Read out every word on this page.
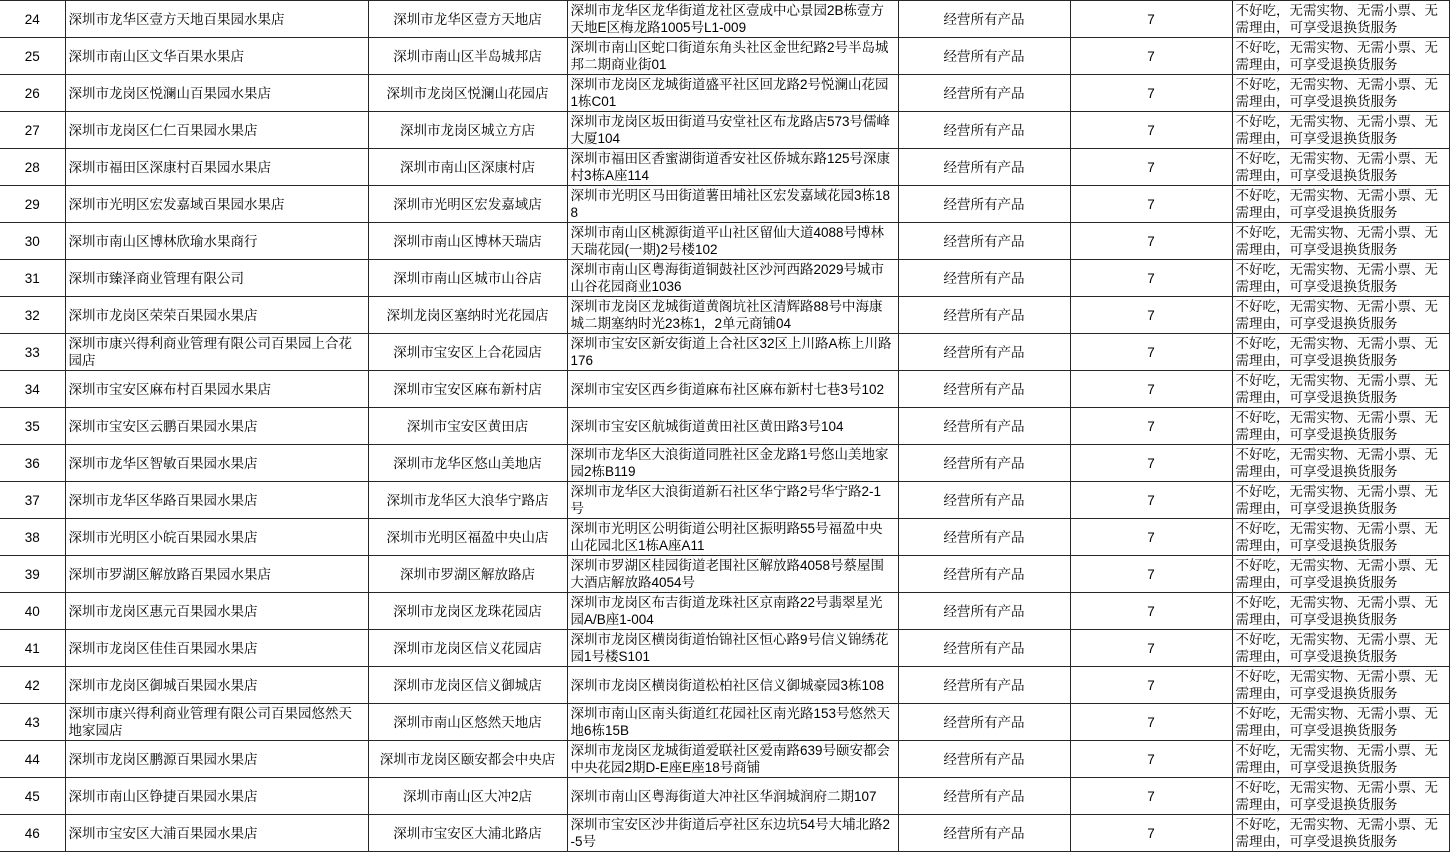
24	深圳市龙华区壹方天地百果园水果店	深圳市龙华区壹方天地店	深圳市龙华区龙华街道龙社区壹成中心景园2B栋壹方天地E区梅龙路1005号L1-009	经营所有产品	7	不好吃，无需实物、无需小票、无需理由，可享受退换货服务
25	深圳市南山区文华百果水果店	深圳市南山区半岛城邦店	深圳市南山区蛇口街道东角头社区金世纪路2号半岛城邦二期商业街01	经营所有产品	7	不好吃，无需实物、无需小票、无需理由，可享受退换货服务
26	深圳市龙岗区悦澜山百果园水果店	深圳市龙岗区悦澜山花园店	深圳市龙岗区龙城街道盛平社区回龙路2号悦澜山花园1栋C01	经营所有产品	7	不好吃，无需实物、无需小票、无需理由，可享受退换货服务
27	深圳市龙岗区仁仁百果园水果店	深圳市龙岗区城立方店	深圳市龙岗区坂田街道马安堂社区布龙路店573号儒峰大厦104	经营所有产品	7	不好吃，无需实物、无需小票、无需理由，可享受退换货服务
28	深圳市福田区深康村百果园水果店	深圳市南山区深康村店	深圳市福田区香蜜湖街道香安社区侨城东路125号深康村3栋A座114	经营所有产品	7	不好吃，无需实物、无需小票、无需理由，可享受退换货服务
29	深圳市光明区宏发嘉域百果园水果店	深圳市光明区宏发嘉域店	深圳市光明区马田街道薯田埔社区宏发嘉域花园3栋188	经营所有产品	7	不好吃，无需实物、无需小票、无需理由，可享受退换货服务
30	深圳市南山区博林欣瑜水果商行	深圳市南山区博林天瑞店	深圳市南山区桃源街道平山社区留仙大道4088号博林天瑞花园(一期)2号楼102	经营所有产品	7	不好吃，无需实物、无需小票、无需理由，可享受退换货服务
31	深圳市臻泽商业管理有限公司	深圳市南山区城市山谷店	深圳市南山区粤海街道铜鼓社区沙河西路2029号城市山谷花园商业1036	经营所有产品	7	不好吃，无需实物、无需小票、无需理由，可享受退换货服务
32	深圳市龙岗区荣荣百果园水果店	深圳龙岗区塞纳时光花园店	深圳市龙岗区龙城街道黄阁坑社区清辉路88号中海康城二期塞纳时光23栋1，2单元商铺04	经营所有产品	7	不好吃，无需实物、无需小票、无需理由，可享受退换货服务
33	深圳市康兴得利商业管理有限公司百果园上合花园店	深圳市宝安区上合花园店	深圳市宝安区新安街道上合社区32区上川路A栋上川路176	经营所有产品	7	不好吃，无需实物、无需小票、无需理由，可享受退换货服务
34	深圳市宝安区麻布村百果园水果店	深圳市宝安区麻布新村店	深圳市宝安区西乡街道麻布社区麻布新村七巷3号102	经营所有产品	7	不好吃，无需实物、无需小票、无需理由，可享受退换货服务
35	深圳市宝安区云鹏百果园水果店	深圳市宝安区黄田店	深圳市宝安区航城街道黄田社区黄田路3号104	经营所有产品	7	不好吃，无需实物、无需小票、无需理由，可享受退换货服务
36	深圳市龙华区智敏百果园水果店	深圳市龙华区悠山美地店	深圳市龙华区大浪街道同胜社区金龙路1号悠山美地家园2栋B119	经营所有产品	7	不好吃，无需实物、无需小票、无需理由，可享受退换货服务
37	深圳市龙华区华路百果园水果店	深圳市龙华区大浪华宁路店	深圳市龙华区大浪街道新石社区华宁路2号华宁路2-1号	经营所有产品	7	不好吃，无需实物、无需小票、无需理由，可享受退换货服务
38	深圳市光明区小皖百果园水果店	深圳市光明区福盈中央山店	深圳市光明区公明街道公明社区振明路55号福盈中央山花园北区1栋A座A11	经营所有产品	7	不好吃，无需实物、无需小票、无需理由，可享受退换货服务
39	深圳市罗湖区解放路百果园水果店	深圳市罗湖区解放路店	深圳市罗湖区桂园街道老围社区解放路4058号蔡屋围大酒店解放路4054号	经营所有产品	7	不好吃，无需实物、无需小票、无需理由，可享受退换货服务
40	深圳市龙岗区惠元百果园水果店	深圳市龙岗区龙珠花园店	深圳市龙岗区布吉街道龙珠社区京南路22号翡翠星光园A/B座1-004	经营所有产品	7	不好吃，无需实物、无需小票、无需理由，可享受退换货服务
41	深圳市龙岗区佳佳百果园水果店	深圳市龙岗区信义花园店	深圳市龙岗区横岗街道怡锦社区恒心路9号信义锦绣花园1号楼S101	经营所有产品	7	不好吃，无需实物、无需小票、无需理由，可享受退换货服务
42	深圳市龙岗区御城百果园水果店	深圳市龙岗区信义御城店	深圳市龙岗区横岗街道松柏社区信义御城豪园3栋108	经营所有产品	7	不好吃，无需实物、无需小票、无需理由，可享受退换货服务
43	深圳市康兴得利商业管理有限公司百果园悠然天地家园店	深圳市南山区悠然天地店	深圳市南山区南头街道红花园社区南光路153号悠然天地6栋15B	经营所有产品	7	不好吃，无需实物、无需小票、无需理由，可享受退换货服务
44	深圳市龙岗区鹏源百果园水果店	深圳市龙岗区颐安都会中央店	深圳市龙岗区龙城街道爱联社区爱南路639号颐安都会中央花园2期D-E座E座18号商铺	经营所有产品	7	不好吃，无需实物、无需小票、无需理由，可享受退换货服务
45	深圳市南山区铮捷百果园水果店	深圳市南山区大冲2店	深圳市南山区粤海街道大冲社区华润城润府二期107	经营所有产品	7	不好吃，无需实物、无需小票、无需理由，可享受退换货服务
46	深圳市宝安区大浦百果园水果店	深圳市宝安区大浦北路店	深圳市宝安区沙井街道后亭社区东边坑54号大埔北路2-5号	经营所有产品	7	不好吃，无需实物、无需小票、无需理由，可享受退换货服务
